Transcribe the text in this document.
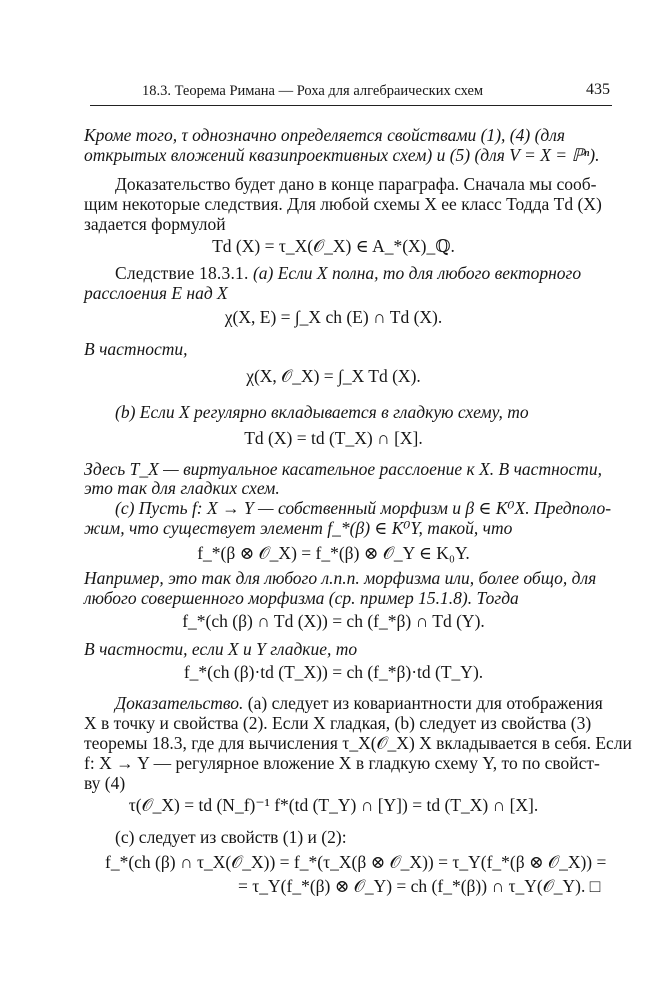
18.3. Теорема Римана — Роха для алгебраических схем	435
Кроме того, τ однозначно определяется свойствами (1), (4) (для
открытых вложений квазипроективных схем) и (5) (для V = X = ℙⁿ).
Доказательство будет дано в конце параграфа. Сначала мы сооб-
щим некоторые следствия. Для любой схемы X ее класс Тодда Td (X)
задается формулой
Td (X) = τ_X(𝒪_X) ∈ A_*(X)_ℚ.
Следствие 18.3.1. (a) Если X полна, то для любого векторного
расслоения E над X
χ(X, E) = ∫_X ch (E) ∩ Td (X).
В частности,
χ(X, 𝒪_X) = ∫_X Td (X).
(b) Если X регулярно вкладывается в гладкую схему, то
Td (X) = td (T_X) ∩ [X].
Здесь T_X — виртуальное касательное расслоение к X. В частности,
это так для гладких схем.
(c) Пусть f: X → Y — собственный морфизм и β ∈ K⁰X. Предполо-
жим, что существует элемент f_*(β) ∈ K⁰Y, такой, что
f_*(β ⊗ 𝒪_X) = f_*(β) ⊗ 𝒪_Y ∈ K₀Y.
Например, это так для любого л.п.п. морфизма или, более общо, для
любого совершенного морфизма (ср. пример 15.1.8). Тогда
f_*(ch (β) ∩ Td (X)) = ch (f_*β) ∩ Td (Y).
В частности, если X и Y гладкие, то
f_*(ch (β)·td (T_X)) = ch (f_*β)·td (T_Y).
Доказательство. (a) следует из ковариантности для отображения
X в точку и свойства (2). Если X гладкая, (b) следует из свойства (3)
теоремы 18.3, где для вычисления τ_X(𝒪_X) X вкладывается в себя. Если
f: X → Y — регулярное вложение X в гладкую схему Y, то по свойст-
ву (4)
τ(𝒪_X) = td (N_f)⁻¹ f*(td (T_Y) ∩ [Y]) = td (T_X) ∩ [X].
(c) следует из свойств (1) и (2):
f_*(ch (β) ∩ τ_X(𝒪_X)) = f_*(τ_X(β ⊗ 𝒪_X)) = τ_Y(f_*(β ⊗ 𝒪_X)) =
= τ_Y(f_*(β) ⊗ 𝒪_Y) = ch (f_*(β)) ∩ τ_Y(𝒪_Y). □
